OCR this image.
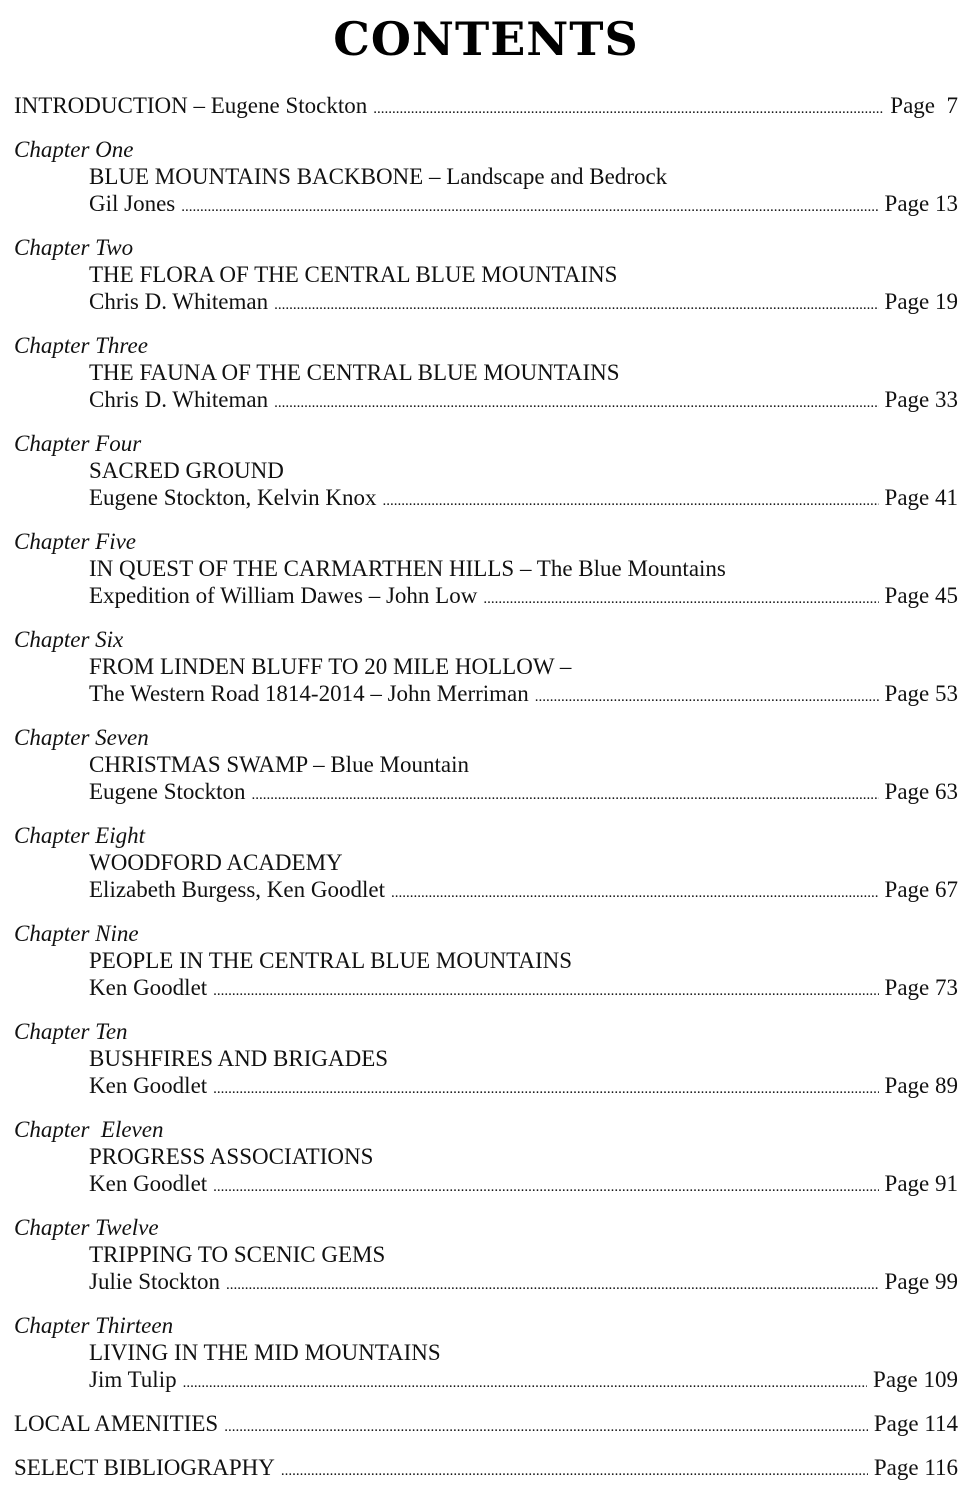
CONTENTS
INTRODUCTION – Eugene Stockton .....	Page  7
Chapter One
BLUE MOUNTAINS BACKBONE – Landscape and Bedrock
Gil Jones .....	Page 13
Chapter Two
THE FLORA OF THE CENTRAL BLUE MOUNTAINS
Chris D. Whiteman .....	Page 19
Chapter Three
THE FAUNA OF THE CENTRAL BLUE MOUNTAINS
Chris D. Whiteman .....	Page 33
Chapter Four
SACRED GROUND
Eugene Stockton, Kelvin Knox .....	Page 41
Chapter Five
IN QUEST OF THE CARMARTHEN HILLS – The Blue Mountains
Expedition of William Dawes – John Low .....	Page 45
Chapter Six
FROM LINDEN BLUFF TO 20 MILE HOLLOW –
The Western Road 1814-2014 – John Merriman .....	Page 53
Chapter Seven
CHRISTMAS SWAMP – Blue Mountain
Eugene Stockton .....	Page 63
Chapter Eight
WOODFORD ACADEMY
Elizabeth Burgess, Ken Goodlet .....	Page 67
Chapter Nine
PEOPLE IN THE CENTRAL BLUE MOUNTAINS
Ken Goodlet .....	Page 73
Chapter Ten
BUSHFIRES AND BRIGADES
Ken Goodlet .....	Page 89
Chapter  Eleven
PROGRESS ASSOCIATIONS
Ken Goodlet .....	Page 91
Chapter Twelve
TRIPPING TO SCENIC GEMS
Julie Stockton .....	Page 99
Chapter Thirteen
LIVING IN THE MID MOUNTAINS
Jim Tulip .....	Page 109
LOCAL AMENITIES .....	Page 114
SELECT BIBLIOGRAPHY .....	Page 116
